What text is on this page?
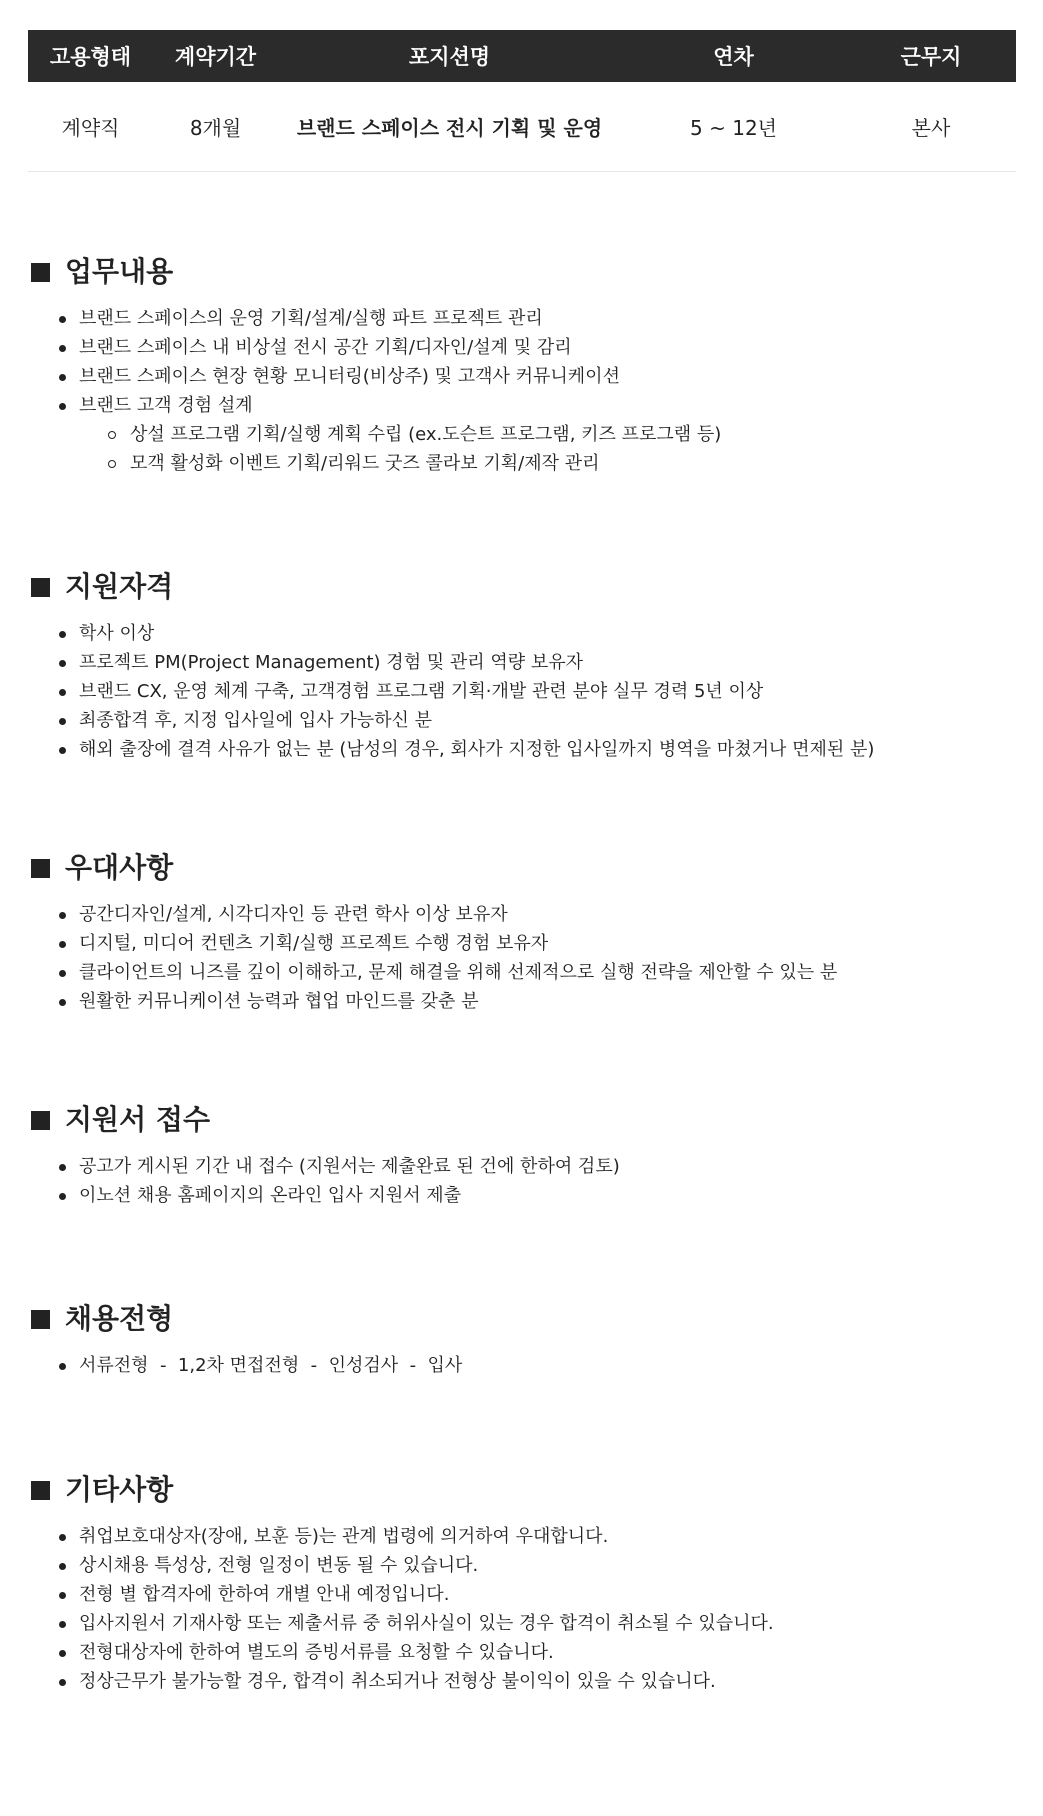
고용형태	계약기간	포지션명	연차	근무지
계약직	8개월	브랜드 스페이스 전시 기획 및 운영	5 ~ 12년	본사
업무내용
브랜드 스페이스의 운영 기획/설계/실행 파트 프로젝트 관리
브랜드 스페이스 내 비상설 전시 공간 기획/디자인/설계 및 감리
브랜드 스페이스 현장 현황 모니터링(비상주) 및 고객사 커뮤니케이션
브랜드 고객 경험 설계
상설 프로그램 기획/실행 계획 수립 (ex.도슨트 프로그램, 키즈 프로그램 등)
모객 활성화 이벤트 기획/리워드 굿즈 콜라보 기획/제작 관리
지원자격
학사 이상
프로젝트 PM(Project Management) 경험 및 관리 역량 보유자
브랜드 CX, 운영 체계 구축, 고객경험 프로그램 기획·개발 관련 분야 실무 경력 5년 이상
최종합격 후, 지정 입사일에 입사 가능하신 분
해외 출장에 결격 사유가 없는 분 (남성의 경우, 회사가 지정한 입사일까지 병역을 마쳤거나 면제된 분)
우대사항
공간디자인/설계, 시각디자인 등 관련 학사 이상 보유자
디지털, 미디어 컨텐츠 기획/실행 프로젝트 수행 경험 보유자
클라이언트의 니즈를 깊이 이해하고, 문제 해결을 위해 선제적으로 실행 전략을 제안할 수 있는 분
원활한 커뮤니케이션 능력과 협업 마인드를 갖춘 분
지원서 접수
공고가 게시된 기간 내 접수 (지원서는 제출완료 된 건에 한하여 검토)
이노션 채용 홈페이지의 온라인 입사 지원서 제출
채용전형
서류전형  -  1,2차 면접전형  -  인성검사  -  입사
기타사항
취업보호대상자(장애, 보훈 등)는 관계 법령에 의거하여 우대합니다.
상시채용 특성상, 전형 일정이 변동 될 수 있습니다.
전형 별 합격자에 한하여 개별 안내 예정입니다.
입사지원서 기재사항 또는 제출서류 중 허위사실이 있는 경우 합격이 취소될 수 있습니다.
전형대상자에 한하여 별도의 증빙서류를 요청할 수 있습니다.
정상근무가 불가능할 경우, 합격이 취소되거나 전형상 불이익이 있을 수 있습니다.
